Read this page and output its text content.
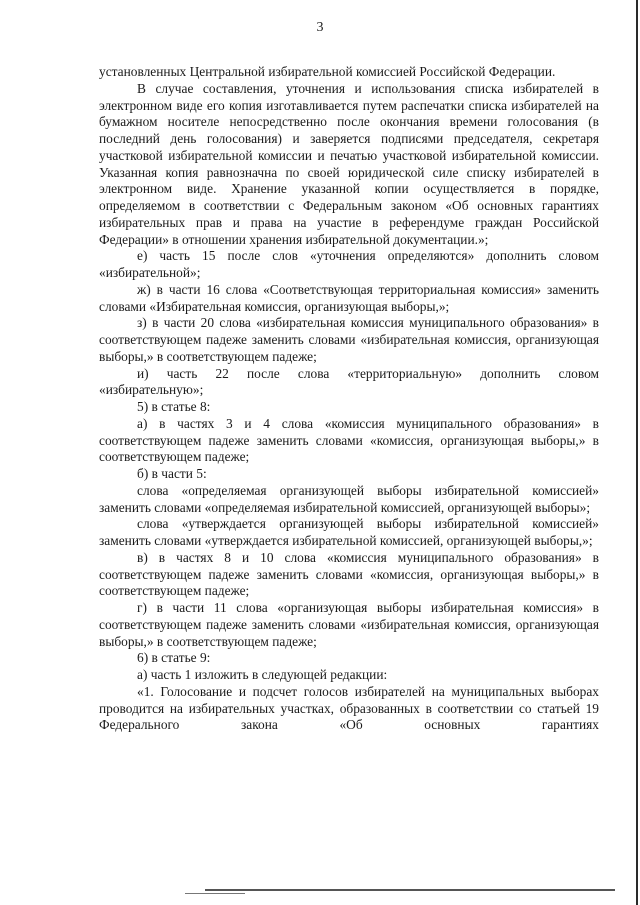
3

установленных Центральной избирательной комиссией Российской Федерации.

В случае составления, уточнения и использования списка избирателей в электронном виде его копия изготавливается путем распечатки списка избирателей на бумажном носителе непосредственно после окончания времени голосования (в последний день голосования) и заверяется подписями председателя, секретаря участковой избирательной комиссии и печатью участковой избирательной комиссии. Указанная копия равнозначна по своей юридической силе списку избирателей в электронном виде. Хранение указанной копии осуществляется в порядке, определяемом в соответствии с Федеральным законом «Об основных гарантиях избирательных прав и права на участие в референдуме граждан Российской Федерации» в отношении хранения избирательной документации.»;

е) часть 15 после слов «уточнения определяются» дополнить словом «избирательной»;

ж) в части 16 слова «Соответствующая территориальная комиссия» заменить словами «Избирательная комиссия, организующая выборы,»;

з) в части 20 слова «избирательная комиссия муниципального образования» в соответствующем падеже заменить словами «избирательная комиссия, организующая выборы,» в соответствующем падеже;

и) часть 22 после слова «территориальную» дополнить словом «избирательную»;

5) в статье 8:

а) в частях 3 и 4 слова «комиссия муниципального образования» в соответствующем падеже заменить словами «комиссия, организующая выборы,» в соответствующем падеже;

б) в части 5:

слова «определяемая организующей выборы избирательной комиссией» заменить словами «определяемая избирательной комиссией, организующей выборы»;

слова «утверждается организующей выборы избирательной комиссией» заменить словами «утверждается избирательной комиссией, организующей выборы,»;

в) в частях 8 и 10 слова «комиссия муниципального образования» в соответствующем падеже заменить словами «комиссия, организующая выборы,» в соответствующем падеже;

г) в части 11 слова «организующая выборы избирательная комиссия» в соответствующем падеже заменить словами «избирательная комиссия, организующая выборы,» в соответствующем падеже;

6) в статье 9:

а) часть 1 изложить в следующей редакции:

«1. Голосование и подсчет голосов избирателей на муниципальных выборах проводится на избирательных участках, образованных в соответствии со статьей 19 Федерального закона «Об основных гарантиях
